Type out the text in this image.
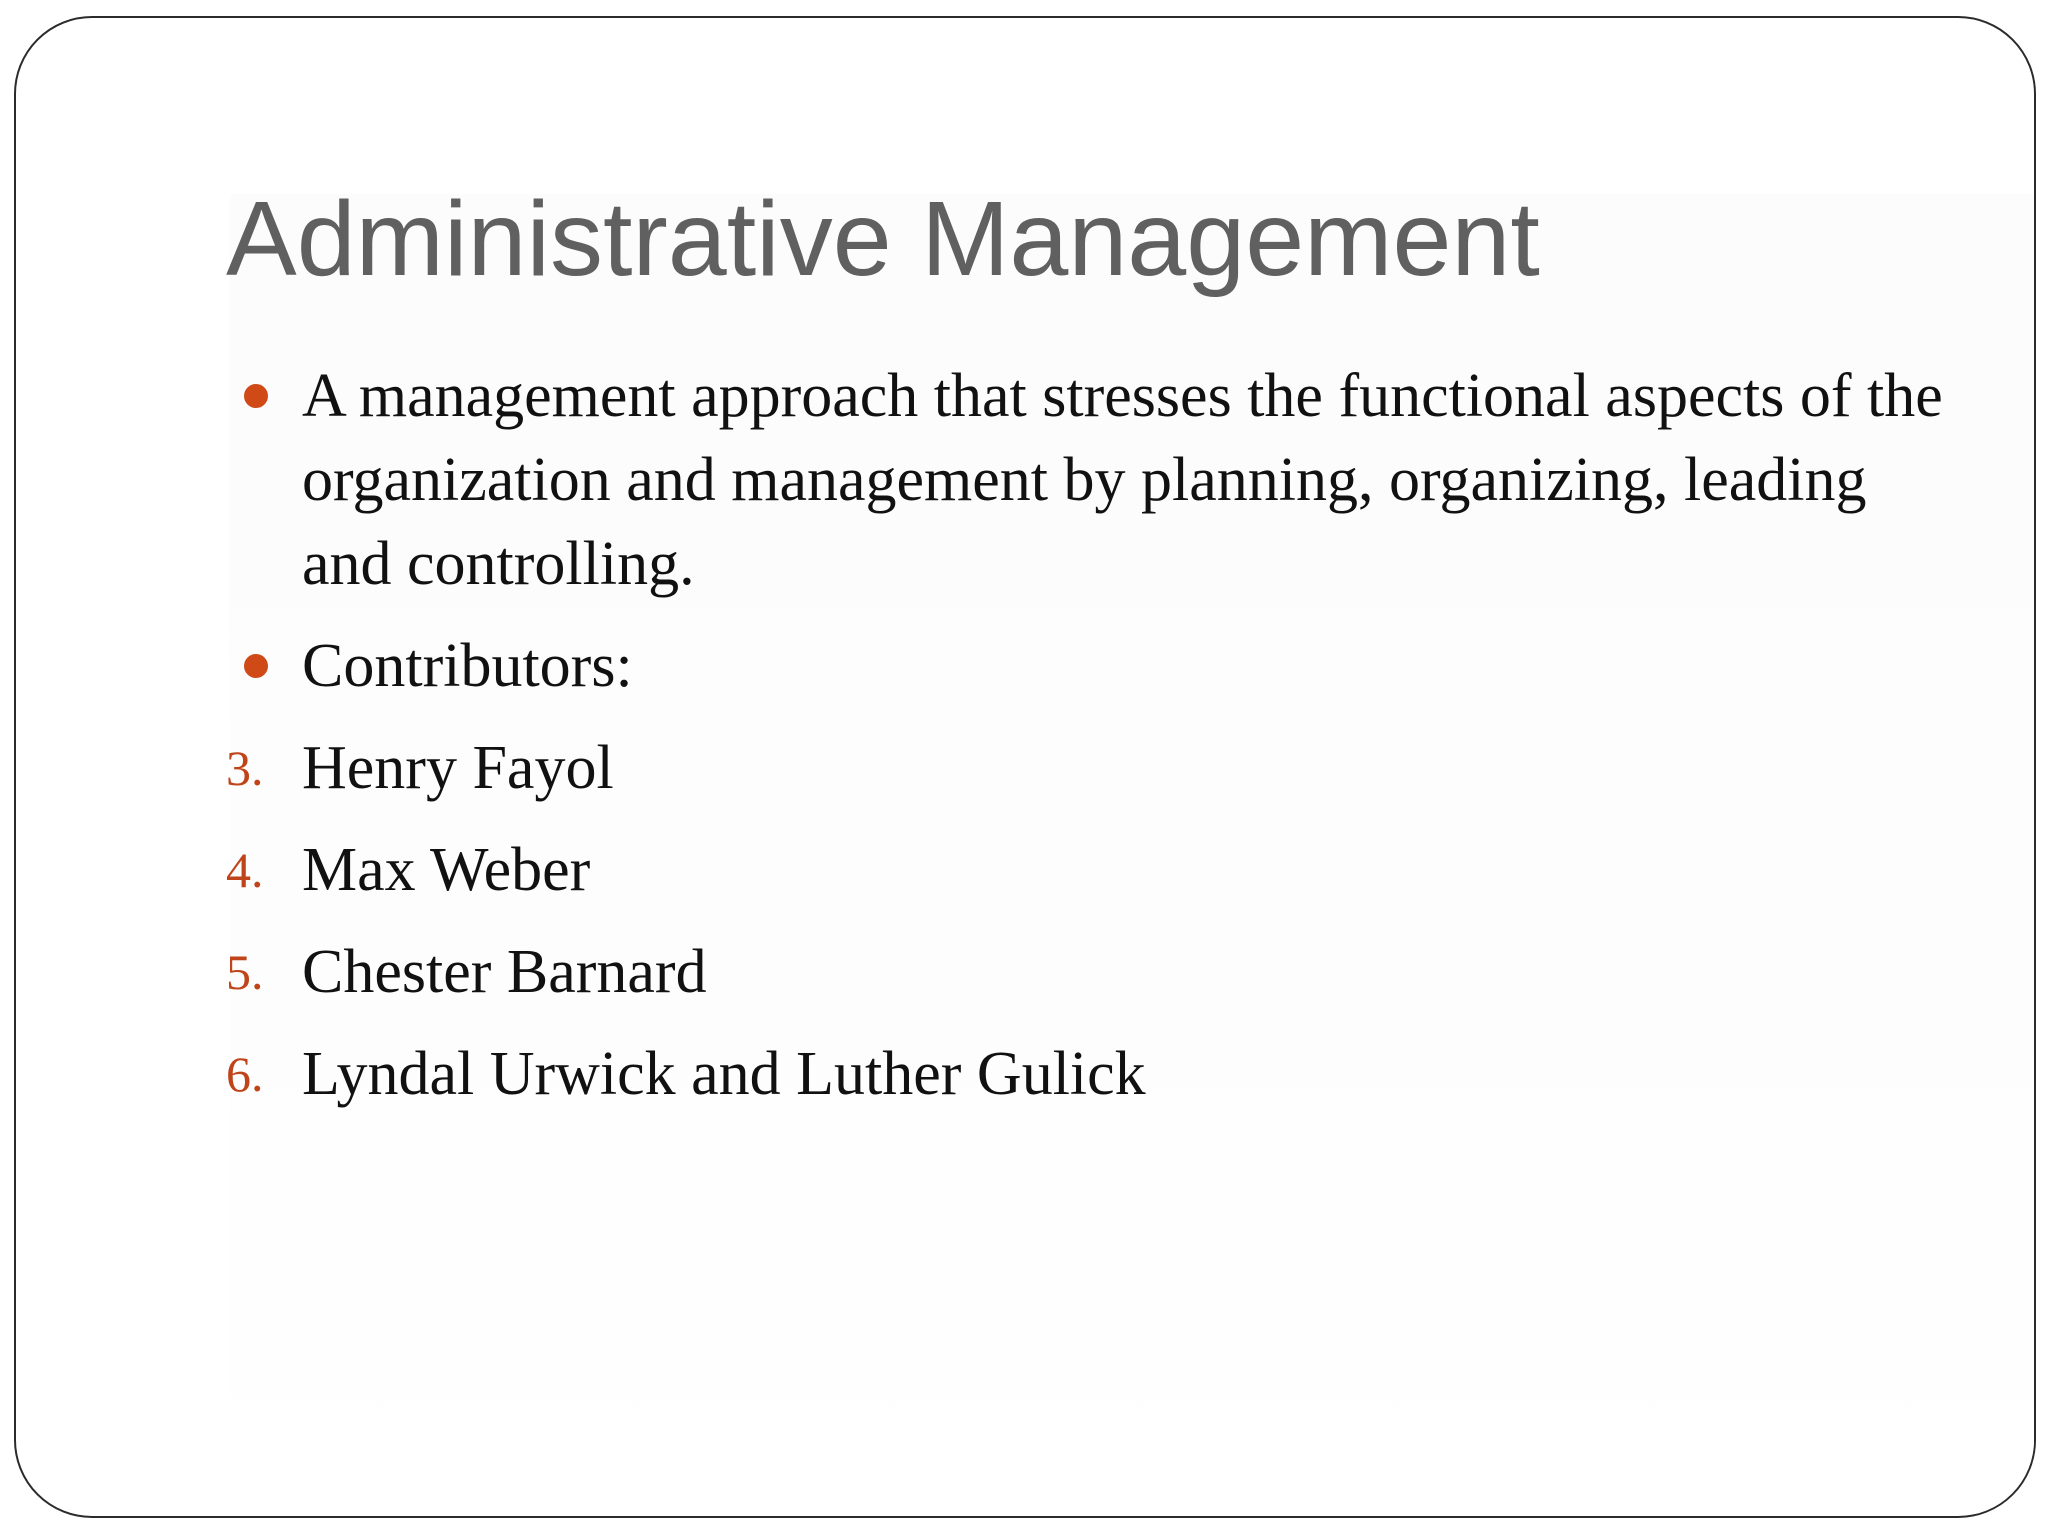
Administrative Management
A management approach that stresses the functional aspects of the organization and management by planning, organizing, leading and controlling.
Contributors:
3. Henry Fayol
4. Max Weber
5. Chester Barnard
6. Lyndal Urwick and Luther Gulick
